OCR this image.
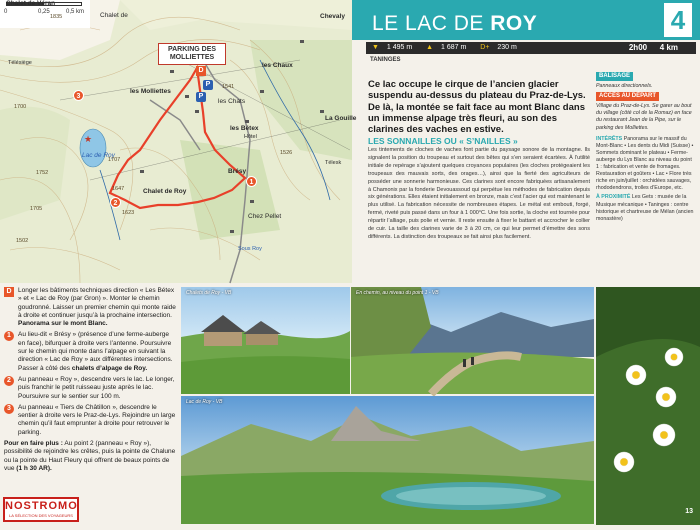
★
0	0,25	0,5 km
Chalet de Véran
Chalet de	Chevaly
Télésiège
les Molliettes
les Chaux
les Chats
les Bétex
Hôtel
La Gouille
Lac de Roy
Brésy
Chalet de Roy
Chez Pellet
Télesk
Sous Roy
1835
1700
1502
1752
1705
1647
1707
1541
1526
1623
PARKING DES MOLLIETTES
D
P
P
1
2
3
LE LAC DE ROY	4
▼ 1 495 m ▲ 1 687 m D+ 230 m	2h00 4 km
TANINGES
Ce lac occupe le cirque de l’ancien glacier suspendu au-dessus du plateau du Praz-de-Lys. De là, la montée se fait face au mont Blanc dans un immense alpage très fleuri, au son des clarines des vaches en estive.
LES SONNAILLES OU « S’NAILLES »
Les tintements de cloches de vaches font partie du paysage sonore de la montagne. Ils signalent la position du troupeau et surtout des bêtes qui s’en seraient écartées. À l’utilité initiale de repérage s’ajoutent quelques croyances populaires (les cloches protégeaient les troupeaux des mauvais sorts, des orages…), ainsi que la fierté des agriculteurs de posséder une sonnerie harmonieuse. Ces clarines sont encore fabriquées artisanalement à Chamonix par la fonderie Devouassoud qui perpétue les méthodes de fabrication depuis six générations. Elles étaient initialement en bronze, mais c’est l’acier qui est maintenant le plus utilisé. La fabrication nécessite de nombreuses étapes. Le métal est embouti, forgé, fermé, riveté puis passé dans un four à 1 000°C. Une fois sortie, la cloche est tournée pour répartir l’alliage, puis polie et vernie. Il reste ensuite à fixer le battant et accrocher le collier de cuir. La taille des clarines varie de 3 à 20 cm, ce qui leur permet d’émettre des sons différents. La distinction des troupeaux se fait ainsi plus facilement.
BALISAGE
Panneaux directionnels.
ACCÈS AU DÉPART
Village du Praz-de-Lys. Se garer au bout du village (côté col de la Romaz) en face du restaurant Jean de la Pipe, sur le parking des Molliettes.
INTÉRÊTS Panorama sur le massif du Mont-Blanc • Les dents du Midi (Suisse) • Sommets dominant le plateau • Ferme-auberge du Lys Blanc au niveau du point 1 : fabrication et vente de fromages. Restauration et goûters • Lac • Flore très riche en juin/juillet : orchidées sauvages, rhododendrons, trolles d’Europe, etc.
À PROXIMITÉ Les Gets : musée de la Musique mécanique • Taninges : centre historique et chartreuse de Mélan (ancien monastère)

D Longer les bâtiments techniques direction « Les Bétex » et « Lac de Roy (par Gron) ». Monter le chemin goudronné. Laisser un premier chemin qui monte raide à droite et continuer jusqu’à la prochaine intersection. Panorama sur le mont Blanc.

1	Au lieu-dit « Brésy » (présence d’une ferme-auberge en face), bifurquer à droite vers l’antenne. Poursuivre sur le chemin qui monte dans l’alpage en suivant la direction « Lac de Roy » aux différentes intersections. Passer à côté des chalets d’alpage de Roy.

2	Au panneau « Roy », descendre vers le lac. Le longer, puis franchir le petit ruisseau juste après le lac. Poursuivre sur le sentier sur 100 m.

3	Au panneau « Tiers de Châtillon », descendre le sentier à droite vers le Praz-de-Lys. Rejoindre un large chemin qu’il faut emprunter à droite pour retrouver le parking.

Pour en faire plus : Au point 2 (panneau « Roy »), possibilité de rejoindre les crêtes, puis la pointe de Chalune ou la pointe du Haut Fleury qui offrent de beaux points de vue (1 h 30 AR).

Chalets de Roy - VB	En chemin, au niveau du point 1 - VB
Lac de Roy - VB
13
NOSTROMO
LA SÉLECTION DES VOYAGEURS
